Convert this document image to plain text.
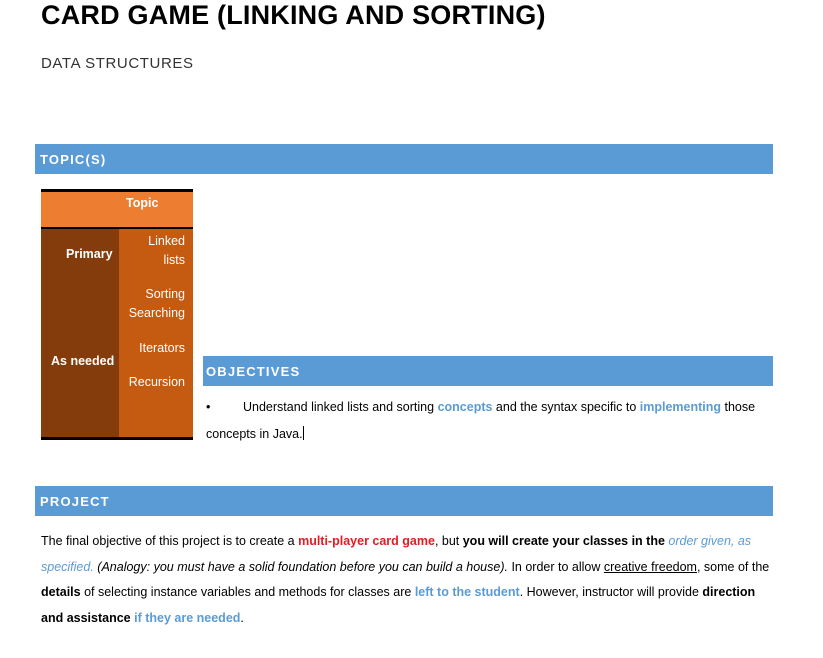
CARD GAME (LINKING AND SORTING)
DATA STRUCTURES
TOPIC(S)
Topic
Primary
As needed
Linked
lists
Sorting
Searching
Iterators
Recursion
OBJECTIVES
•	Understand linked lists and sorting concepts and the syntax specific to implementing those
concepts in Java.
PROJECT
The final objective of this project is to create a multi-player card game, but you will create your classes in the order given, as specified. (Analogy: you must have a solid foundation before you can build a house). In order to allow creative freedom, some of the details of selecting instance variables and methods for classes are left to the student. However, instructor will provide direction and assistance if they are needed.
